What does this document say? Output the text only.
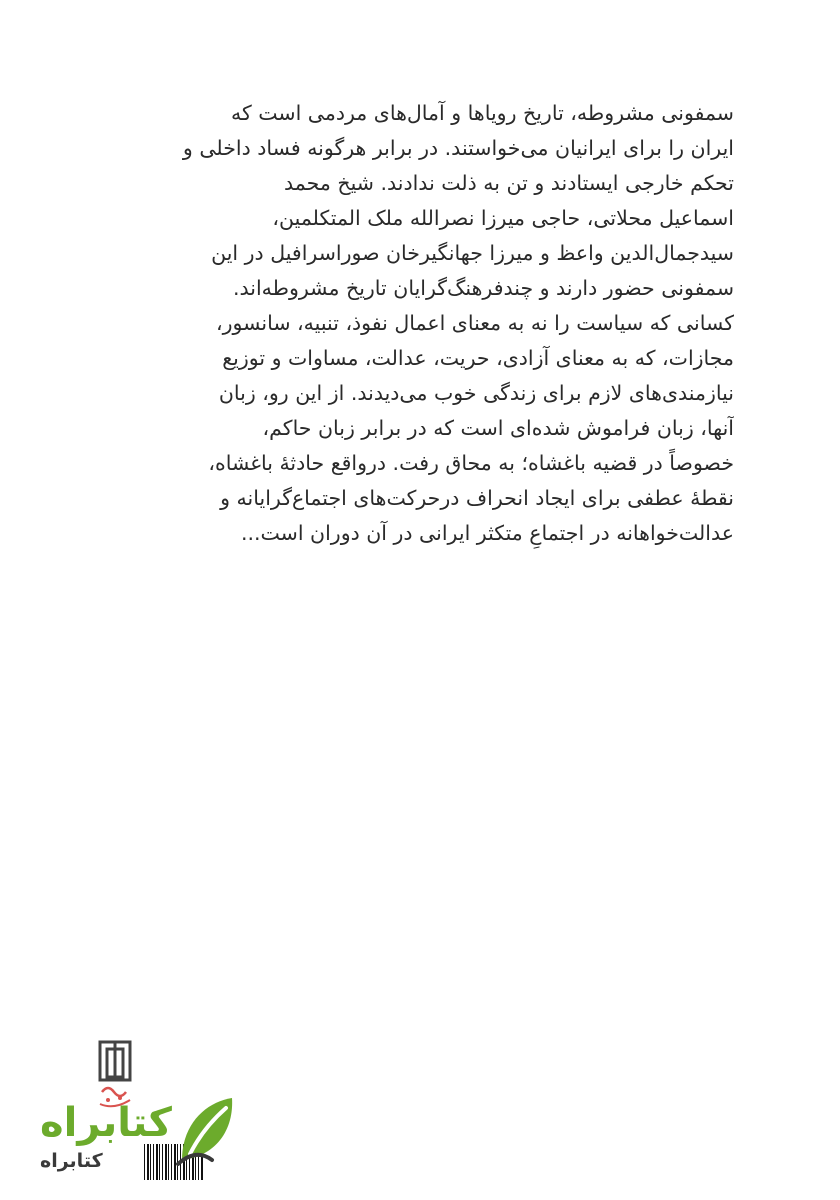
سمفونی مشروطه، تاریخ رویاها و آمال‌های مردمی است که
ایران را برای ایرانیان می‌خواستند. در برابر هرگونه فساد داخلی و
تحکم خارجی ایستادند و تن به ذلت ندادند. شیخ محمد
اسماعیل محلاتی، حاجی میرزا نصرالله ملک المتکلمین،
سیدجمال‌الدین واعظ و میرزا جهانگیرخان صوراسرافیل در این
سمفونی حضور دارند و چندفرهنگ‌گرایان تاریخ مشروطه‌اند.
کسانی که سیاست را نه به معنای اعمال نفوذ، تنبیه، سانسور،
مجازات، که به معنای آزادی، حریت، عدالت، مساوات و توزیع
نیازمندی‌های لازم برای زندگی خوب می‌دیدند. از این رو، زبان
آنها، زبان فراموش شده‌ای است که در برابر زبان حاکم،
خصوصاً در قضیه باغشاه؛ به محاق رفت. درواقع حادثهٔ باغشاه،
نقطهٔ عطفی برای ایجاد انحراف درحرکت‌های اجتماع‌گرایانه و
عدالت‌خواهانه در اجتماعِ متکثر ایرانی در آن دوران است...
کتابراه
کتابراه
